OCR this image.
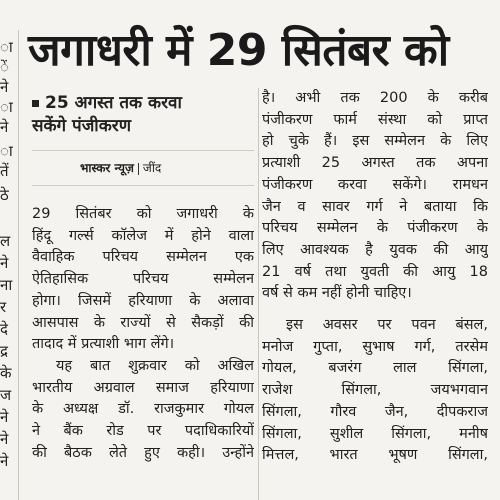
ा
ें
ने
ा
ने
ा
तें
ठे
ल
ने
ना
र
दे
द्र
के
ज
ने
ने
ने
जगाधरी में 29 सितंबर को
25 अगस्त तक करवा
सकेंगे पंजीकरण
भास्कर न्यूज़ जींद
29 सितंबर को जगाधरी के
हिंदू गर्ल्स कॉलेज में होने वाला
वैवाहिक परिचय सम्मेलन एक
ऐतिहासिक परिचय सम्मेलन
होगा। जिसमें हरियाणा के अलावा
आसपास के राज्यों से सैकड़ों की
तादाद में प्रत्याशी भाग लेंगे।
यह बात शुक्रवार को अखिल
भारतीय अग्रवाल समाज हरियाणा
के अध्यक्ष डॉ. राजकुमार गोयल
ने बैंक रोड पर पदाधिकारियों
की बैठक लेते हुए कही। उन्होंने
है। अभी तक 200 के करीब
पंजीकरण फार्म संस्था को प्राप्त
हो चुके हैं। इस सम्मेलन के लिए
प्रत्याशी 25 अगस्त तक अपना
पंजीकरण करवा सकेंगे। रामधन
जैन व सावर गर्ग ने बताया कि
परिचय सम्मेलन के पंजीकरण के
लिए आवश्यक है युवक की आयु
21 वर्ष तथा युवती की आयु 18
वर्ष से कम नहीं होनी चाहिए।
इस अवसर पर पवन बंसल,
मनोज गुप्ता, सुभाष गर्ग, तरसेम
गोयल, बजरंग लाल सिंगला,
राजेश सिंगला, जयभगवान
सिंगला, गौरव जैन, दीपकराज
सिंगला, सुशील सिंगला, मनीष
मित्तल, भारत भूषण सिंगला,
